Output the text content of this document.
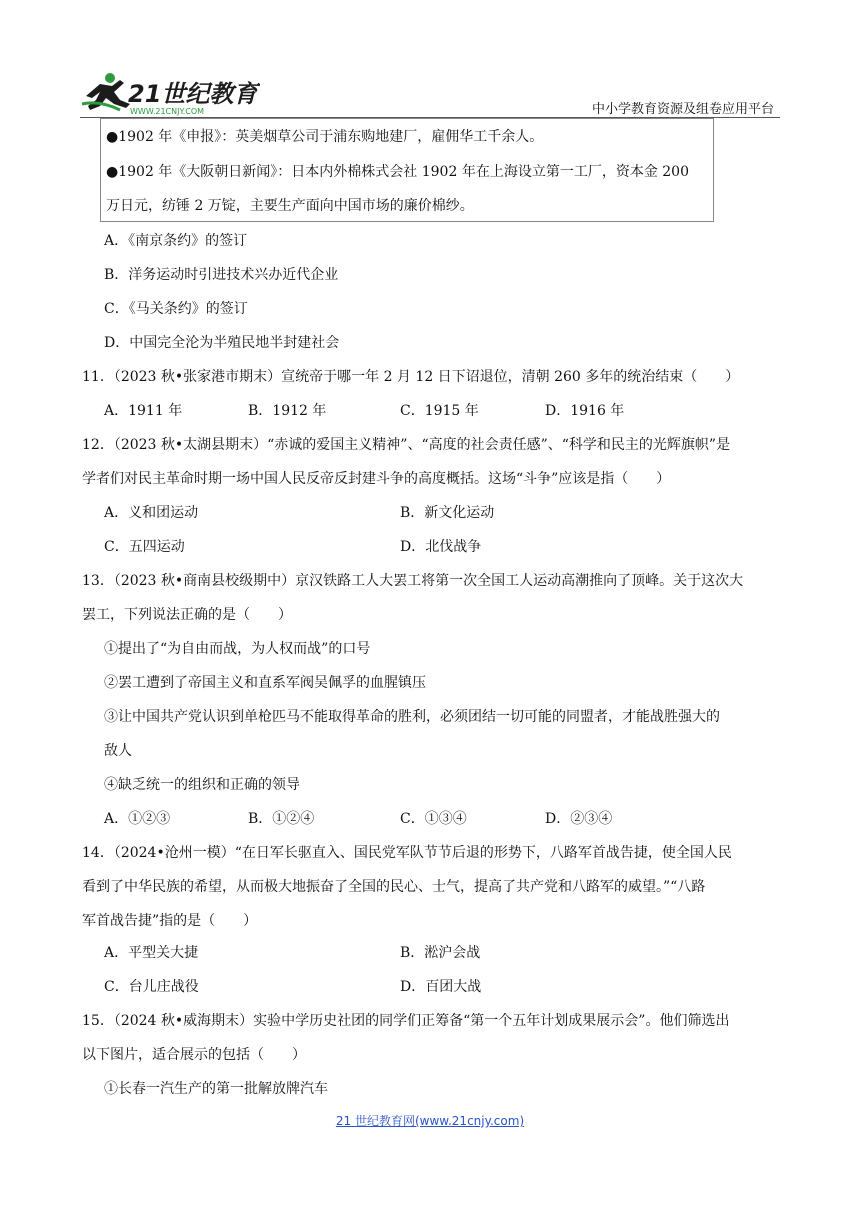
21世纪教育
WWW.21CNJY.COM	中小学教育资源及组卷应用平台
●1902 年《申报》：英美烟草公司于浦东购地建厂，雇佣华工千余人。
●1902 年《大阪朝日新闻》：日本内外棉株式会社 1902 年在上海设立第一工厂，资本金 200
万日元，纺锤 2 万锭，主要生产面向中国市场的廉价棉纱。
A．《南京条约》的签订
B．洋务运动时引进技术兴办近代企业
C．《马关条约》的签订
D．中国完全沦为半殖民地半封建社会
11．（2023 秋•张家港市期末）宣统帝于哪一年 2 月 12 日下诏退位，清朝 260 多年的统治结束（　　）
A．1911 年	B．1912 年	C．1915 年	D．1916 年
12．（2023 秋•太湖县期末）“赤诚的爱国主义精神”、“高度的社会责任感”、“科学和民主的光辉旗帜”是
学者们对民主革命时期一场中国人民反帝反封建斗争的高度概括。这场“斗争”应该是指（　　）
A．义和团运动	B．新文化运动
C．五四运动	D．北伐战争
13．（2023 秋•商南县校级期中）京汉铁路工人大罢工将第一次全国工人运动高潮推向了顶峰。关于这次大
罢工，下列说法正确的是（　　）
①提出了“为自由而战，为人权而战”的口号
②罢工遭到了帝国主义和直系军阀吴佩孚的血腥镇压
③让中国共产党认识到单枪匹马不能取得革命的胜利，必须团结一切可能的同盟者，才能战胜强大的
敌人
④缺乏统一的组织和正确的领导
A．①②③	B．①②④	C．①③④	D．②③④
14．（2024•沧州一模）“在日军长驱直入、国民党军队节节后退的形势下，八路军首战告捷，使全国人民
看到了中华民族的希望，从而极大地振奋了全国的民心、士气，提高了共产党和八路军的威望。”“八路
军首战告捷”指的是（　　）
A．平型关大捷	B．淞沪会战
C．台儿庄战役	D．百团大战
15．（2024 秋•威海期末）实验中学历史社团的同学们正筹备“第一个五年计划成果展示会”。他们筛选出
以下图片，适合展示的包括（　　）
①长春一汽生产的第一批解放牌汽车
21 世纪教育网(www.21cnjy.com)
